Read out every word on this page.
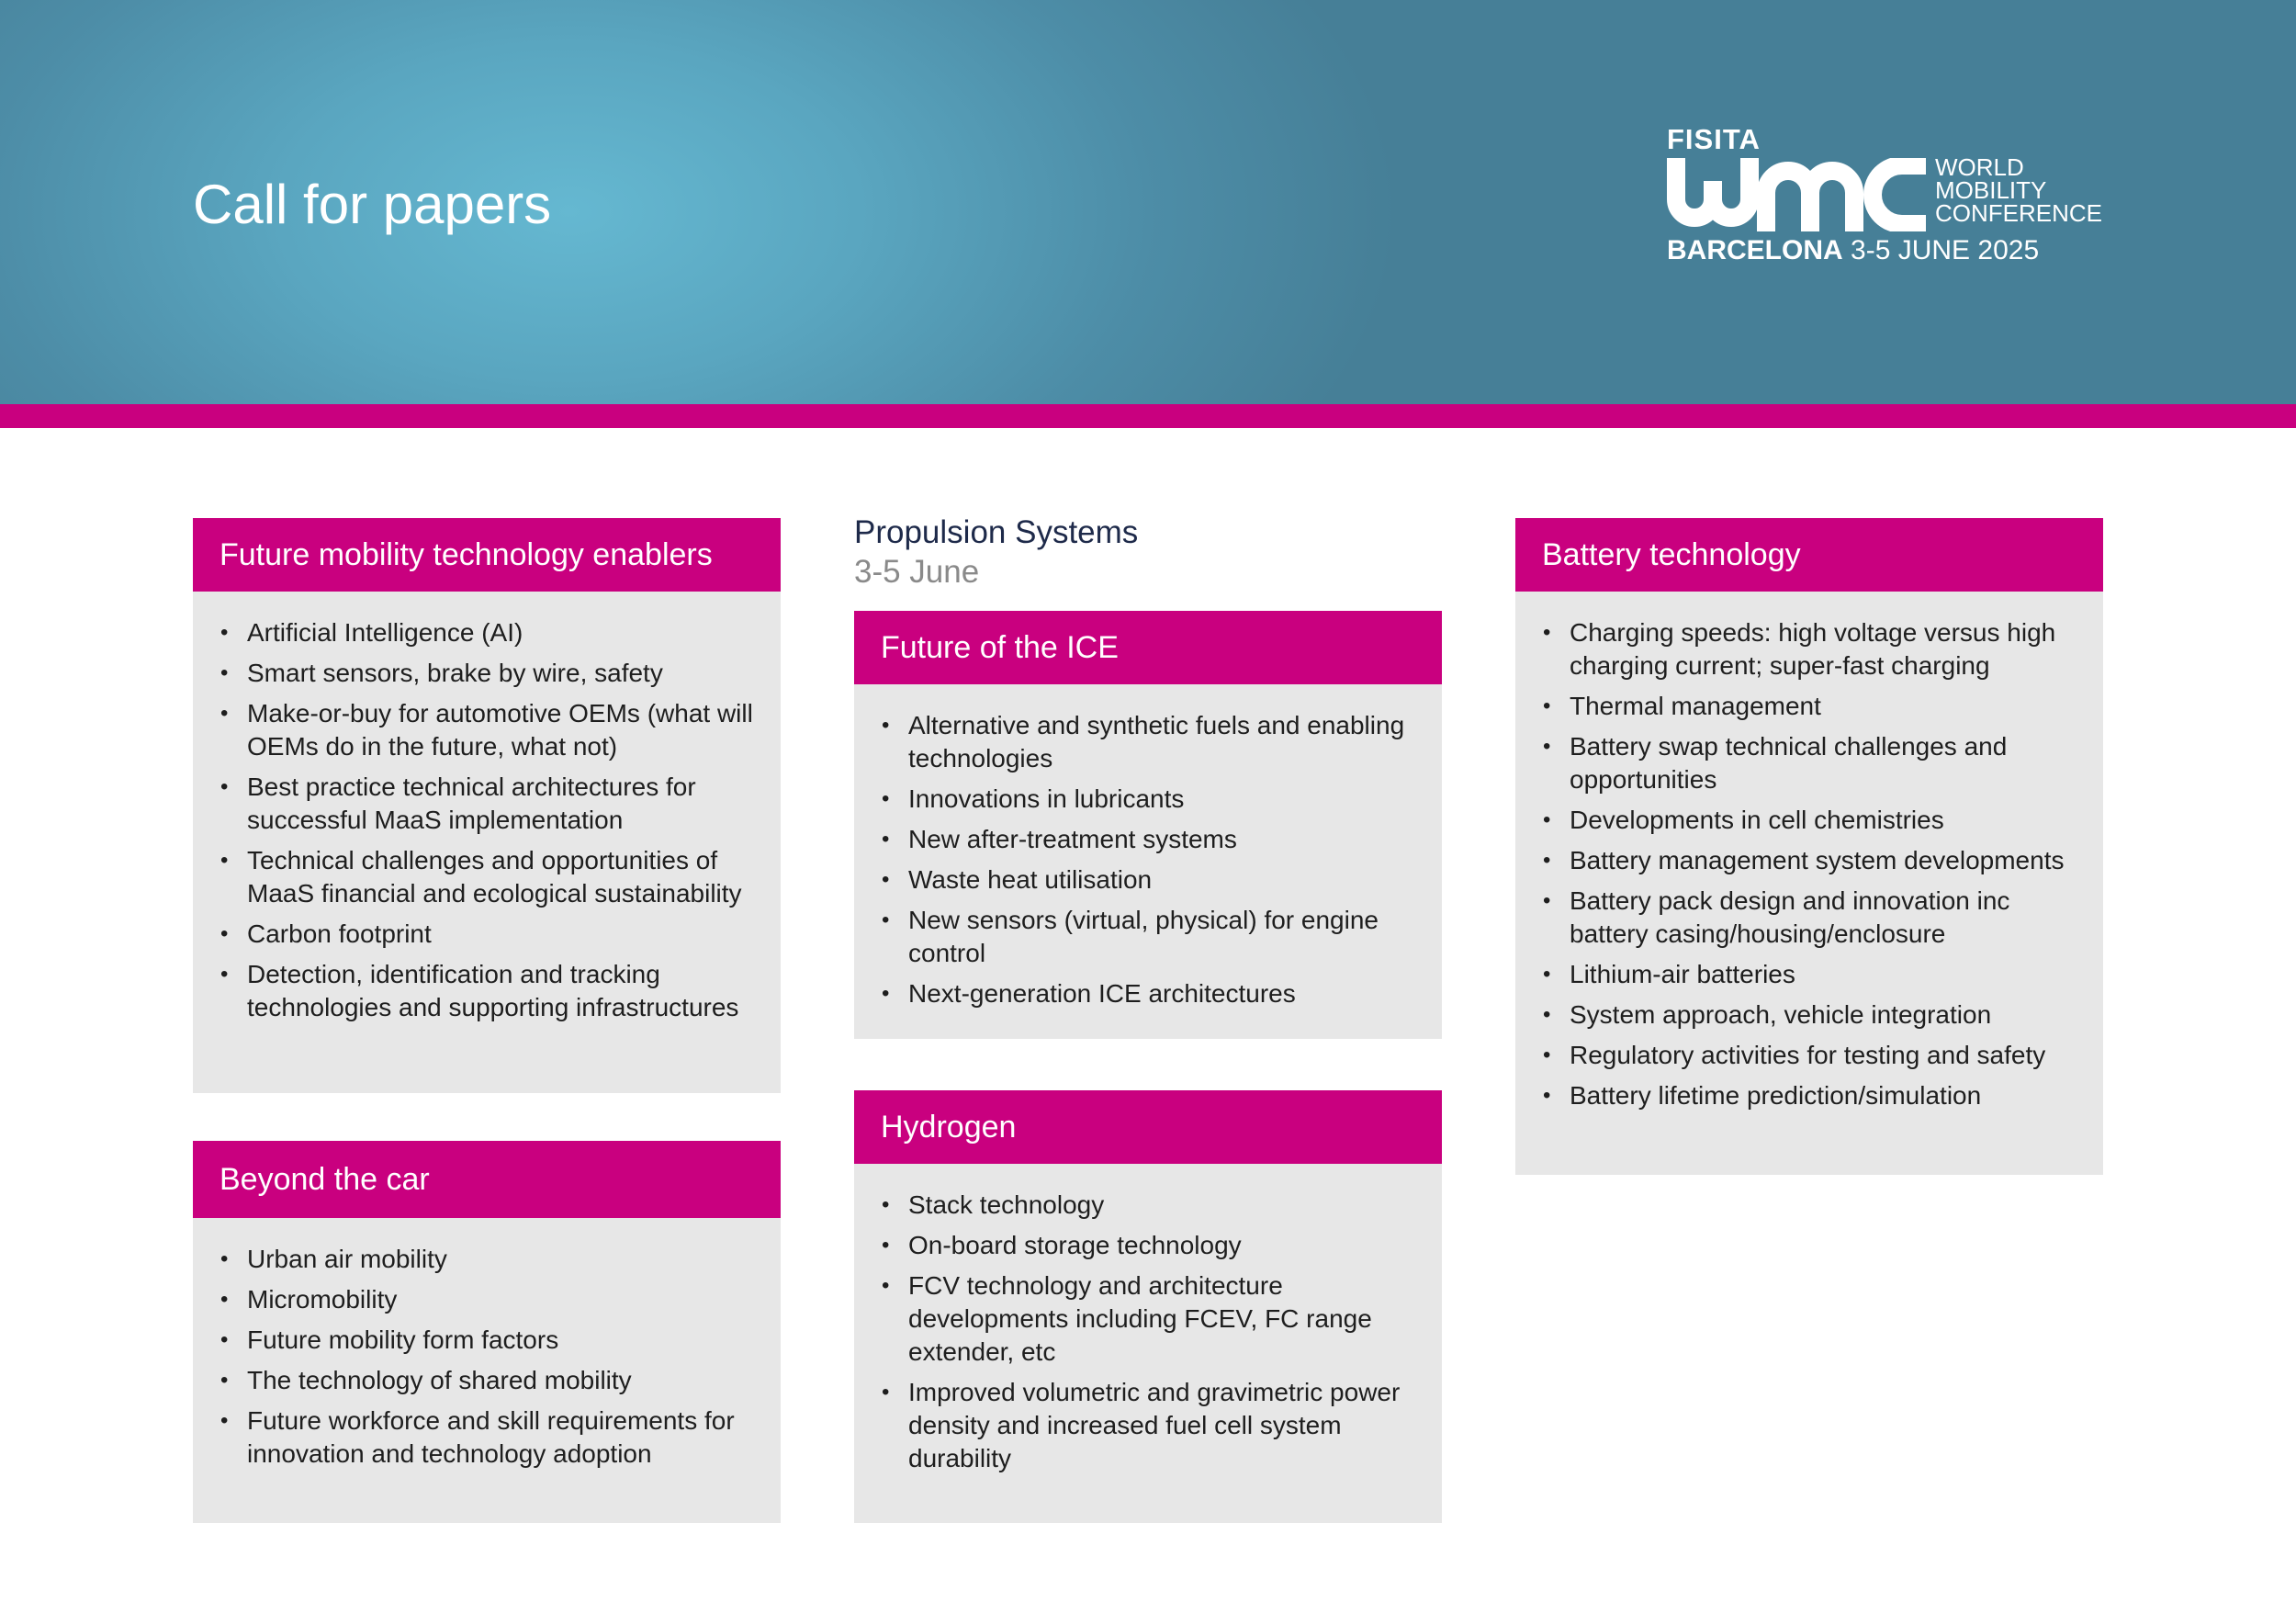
Call for papers
FISITA
WORLD
MOBILITY
CONFERENCE
BARCELONA 3-5 JUNE 2025
Future mobility technology enablers
• Artificial Intelligence (AI)
• Smart sensors, brake by wire, safety
• Make-or-buy for automotive OEMs (what will OEMs do in the future, what not)
• Best practice technical architectures for successful MaaS implementation
• Technical challenges and opportunities of MaaS financial and ecological sustainability
• Carbon footprint
• Detection, identification and tracking technologies and supporting infrastructures
Beyond the car
• Urban air mobility
• Micromobility
• Future mobility form factors
• The technology of shared mobility
• Future workforce and skill requirements for innovation and technology adoption
Propulsion Systems
3-5 June
Future of the ICE
• Alternative and synthetic fuels and enabling technologies
• Innovations in lubricants
• New after-treatment systems
• Waste heat utilisation
• New sensors (virtual, physical) for engine control
• Next-generation ICE architectures
Hydrogen
• Stack technology
• On-board storage technology
• FCV technology and architecture developments including FCEV, FC range extender, etc
• Improved volumetric and gravimetric power density and increased fuel cell system durability
Battery technology
• Charging speeds: high voltage versus high charging current; super-fast charging
• Thermal management
• Battery swap technical challenges and opportunities
• Developments in cell chemistries
• Battery management system developments
• Battery pack design and innovation inc battery casing/housing/enclosure
• Lithium-air batteries
• System approach, vehicle integration
• Regulatory activities for testing and safety
• Battery lifetime prediction/simulation
